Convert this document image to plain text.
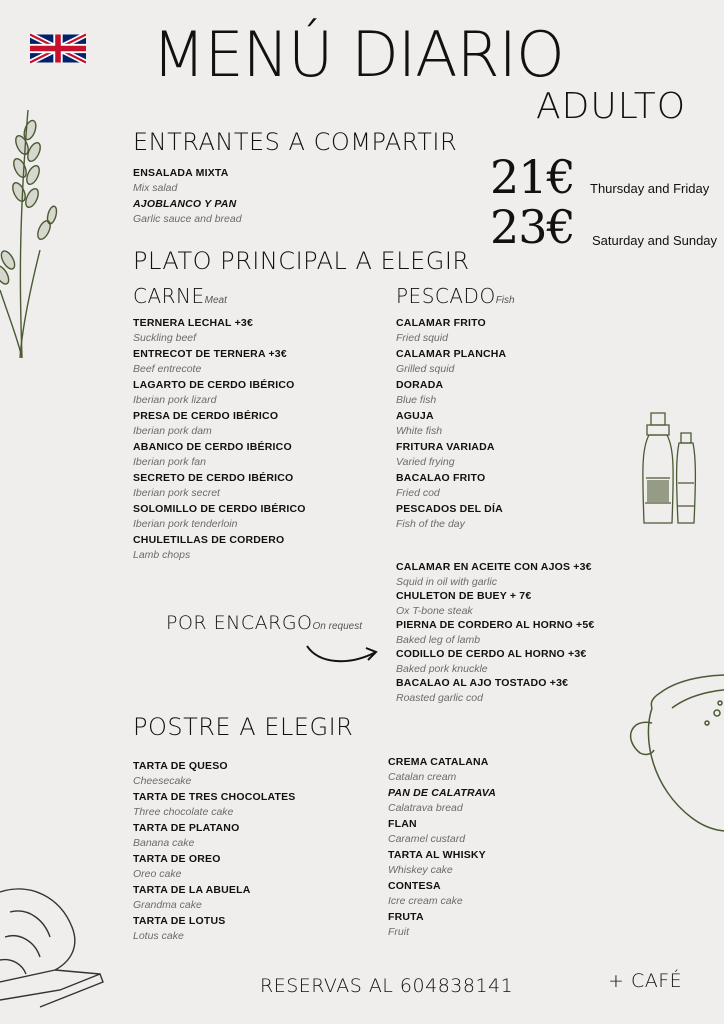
MENÚ DIARIO
ADULTO
21€ Thursday and Friday
23€ Saturday and Sunday
ENTRANTES A COMPARTIR
ENSALADA MIXTA
Mix salad
AJOBLANCO Y PAN
Garlic sauce and bread
PLATO PRINCIPAL A ELEGIR
CARNEMeat
TERNERA LECHAL +3€
Suckling beef
ENTRECOT DE TERNERA +3€
Beef entrecote
LAGARTO DE CERDO IBÉRICO
Iberian pork lizard
PRESA DE CERDO IBÉRICO
Iberian pork dam
ABANICO DE CERDO IBÉRICO
Iberian pork fan
SECRETO DE CERDO IBÉRICO
Iberian pork secret
SOLOMILLO DE CERDO IBÉRICO
Iberian pork tenderloin
CHULETILLAS DE CORDERO
Lamb chops
PESCADOFish
CALAMAR FRITO
Fried squid
CALAMAR PLANCHA
Grilled squid
DORADA
Blue fish
AGUJA
White fish
FRITURA VARIADA
Varied frying
BACALAO FRITO
Fried cod
PESCADOS DEL DÍA
Fish of the day
POR ENCARGOOn request
CALAMAR EN ACEITE CON AJOS +3€
Squid in oil with garlic
CHULETON DE BUEY + 7€
Ox T-bone steak
PIERNA DE CORDERO AL HORNO +5€
Baked leg of lamb
CODILLO DE CERDO AL HORNO +3€
Baked pork knuckle
BACALAO AL AJO TOSTADO +3€
Roasted garlic cod
POSTRE A ELEGIR
TARTA DE QUESO
Cheesecake
TARTA DE TRES CHOCOLATES
Three chocolate cake
TARTA DE PLATANO
Banana cake
TARTA DE OREO
Oreo cake
TARTA DE LA ABUELA
Grandma cake
TARTA DE LOTUS
Lotus cake
CREMA CATALANA
Catalan cream
PAN DE CALATRAVA
Calatrava bread
FLAN
Caramel custard
TARTA AL WHISKY
Whiskey cake
CONTESA
Icre cream cake
FRUTA
Fruit
RESERVAS AL 604838141	+ CAFÉ
